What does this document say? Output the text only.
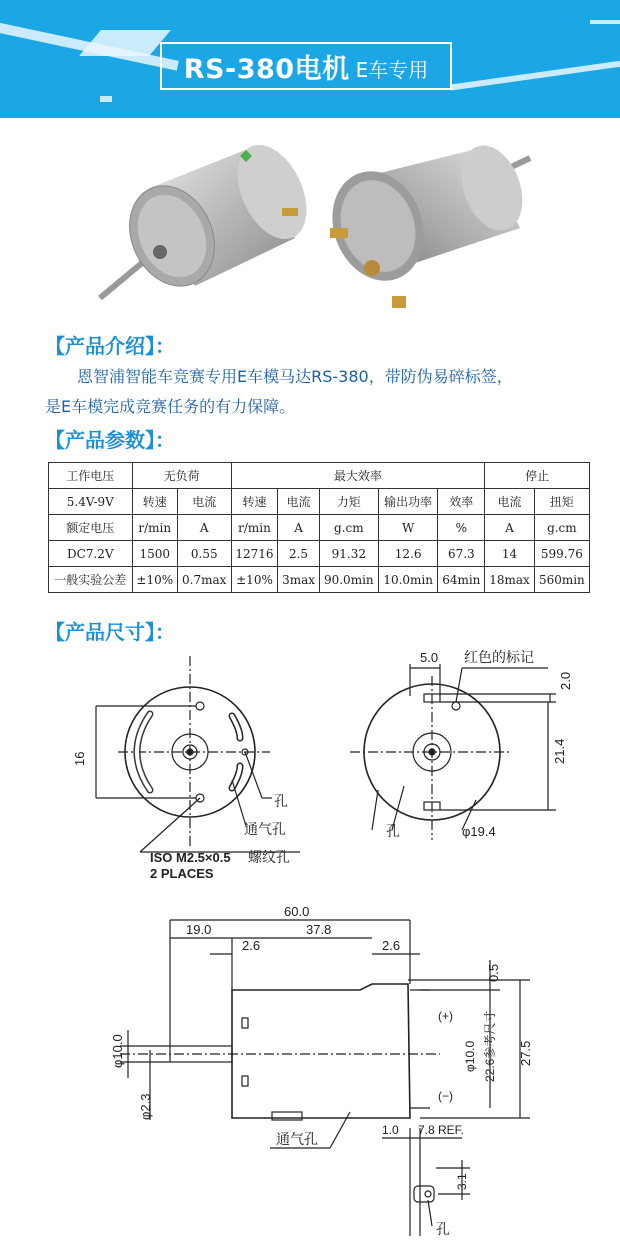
RS-380电机 E车专用
【产品介绍】：
恩智浦智能车竞赛专用E车模马达RS-380，带防伪易碎标签，
是E车模完成竞赛任务的有力保障。
【产品参数】：
工作电压	无负荷		最大效率					停止	
5.4V-9V	转速	电流	转速	电流	力矩	输出功率	效率	电流	扭矩
额定电压	r/min	A	r/min	A	g.cm	W	%	A	g.cm
DC7.2V	1500	0.55	12716	2.5	91.32	12.6	67.3	14	599.76
一般实验公差	±10%	0.7max	±10%	3max	90.0min	10.0min	64min	18max	560min
【产品尺寸】：
16
孔
通气孔
ISO M2.5×0.5 螺纹孔
2 PLACES
5.0 红色的标记
2.0
21.4
孔	φ19.4
60.0
19.0	37.8
2.6	2.6
0.5
(+)
(−)
φ10.0
φ2.3
φ10.0 22.6参考尺寸 27.5
通气孔
1.0 7.8 REF.
3.1
孔
